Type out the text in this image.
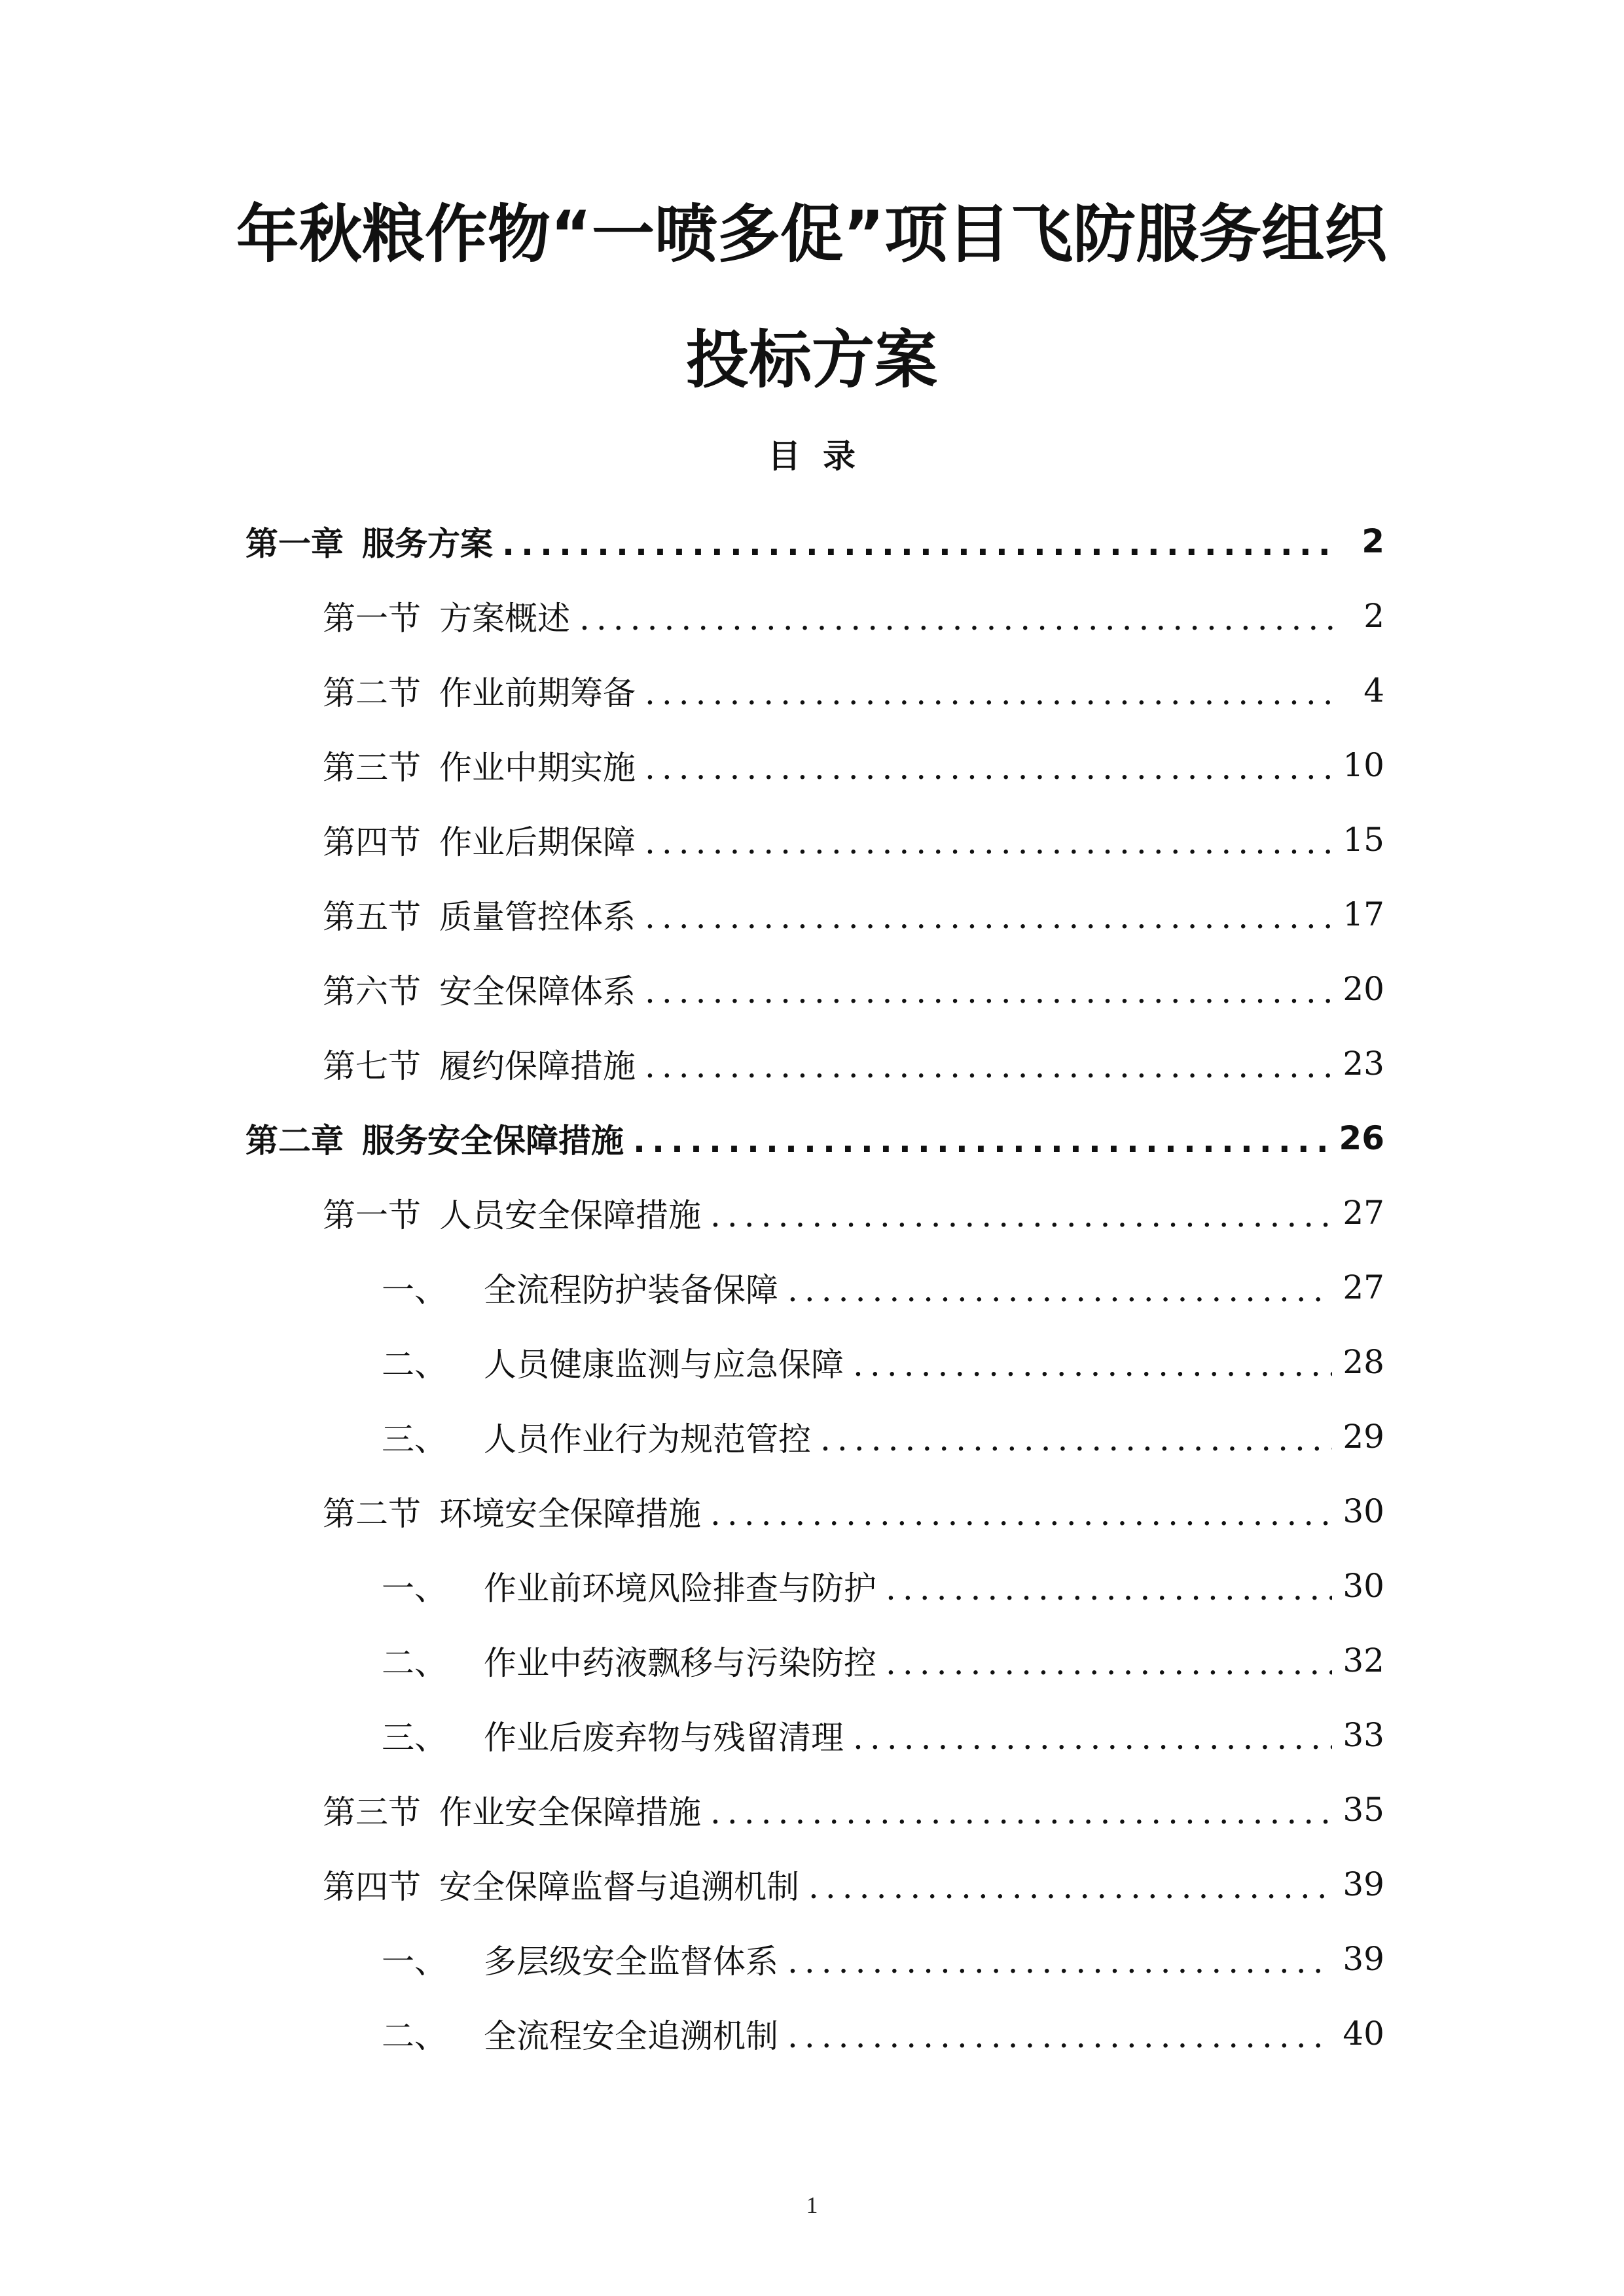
年秋粮作物“一喷多促”项目飞防服务组织
投标方案
目录
第一章 服务方案 .....	2
第一节 方案概述 .....	2
第二节 作业前期筹备 .....	4
第三节 作业中期实施 .....	10
第四节 作业后期保障 .....	15
第五节 质量管控体系 .....	17
第六节 安全保障体系 .....	20
第七节 履约保障措施 .....	23
第二章 服务安全保障措施 .....	26
第一节 人员安全保障措施 .....	27
一、 全流程防护装备保障 .....	27
二、 人员健康监测与应急保障 .....	28
三、 人员作业行为规范管控 .....	29
第二节 环境安全保障措施 .....	30
一、 作业前环境风险排查与防护 .....	30
二、 作业中药液飘移与污染防控 .....	32
三、 作业后废弃物与残留清理 .....	33
第三节 作业安全保障措施 .....	35
第四节 安全保障监督与追溯机制 .....	39
一、 多层级安全监督体系 .....	39
二、 全流程安全追溯机制 .....	40
1
